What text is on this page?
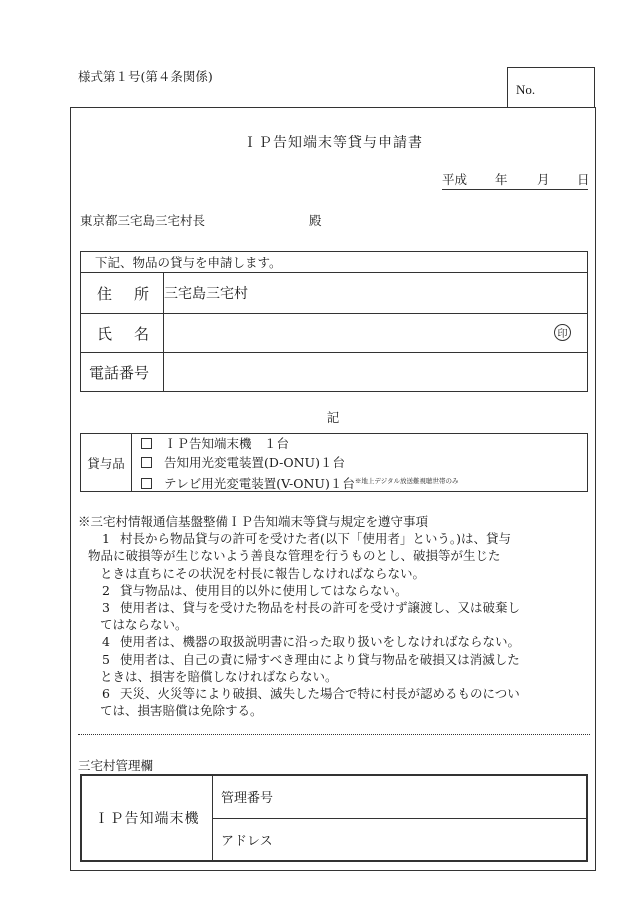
様式第１号(第４条関係)
No.
ＩＰ告知端末等貸与申請書
平成 年 月 日
東京都三宅島三宅村長	殿
下記、物品の貸与を申請します。	

住 所	三宅島三宅村

氏 名	印

電話番号	

記
貸与品	
ＩＰ告知端末機　１台
告知用光変電装置(D-ONU)１台
テレビ用光変電装置(V-ONU)１台$^{※地上デジタル放送難視聴世帯のみ}$
※三宅村情報通信基盤整備ＩＰ告知端末等貸与規定を遵守事項
1 村長から物品貸与の許可を受けた者(以下「使用者」という。)は、貸与
物品に破損等が生じないよう善良な管理を行うものとし、破損等が生じた
ときは直ちにその状況を村長に報告しなければならない。
2 貸与物品は、使用目的以外に使用してはならない。
3 使用者は、貸与を受けた物品を村長の許可を受けず譲渡し、又は破棄し
てはならない。
4 使用者は、機器の取扱説明書に沿った取り扱いをしなければならない。
5 使用者は、自己の責に帰すべき理由により貸与物品を破損又は消滅した
ときは、損害を賠償しなければならない。
6 天災、火災等により破損、滅失した場合で特に村長が認めるものについ
ては、損害賠償は免除する。
三宅村管理欄
ＩＰ告知端末機	管理番号
アドレス
